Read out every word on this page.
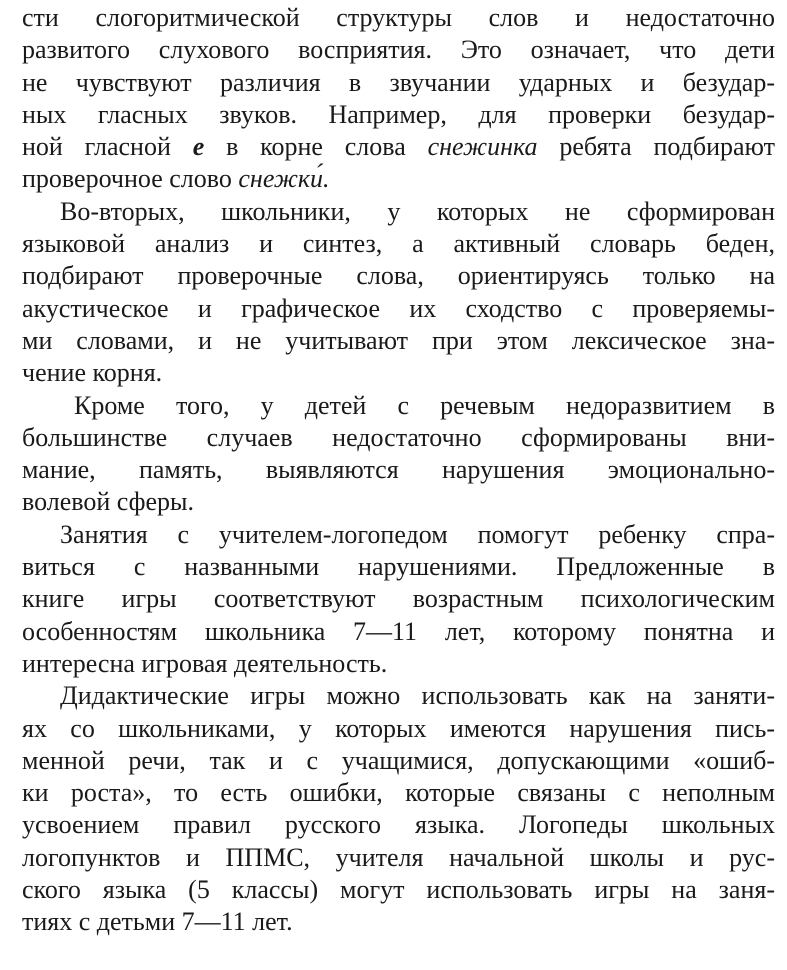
сти слогоритмической структуры слов и недостаточно
развитого слухового восприятия. Это означает, что дети
не чувствуют различия в звучании ударных и безудар-
ных гласных звуков. Например, для проверки безудар-
ной гласной е в корне слова снежинка ребята подбирают
проверочное слово снежки́.
Во-вторых, школьники, у которых не сформирован
языковой анализ и синтез, а активный словарь беден,
подбирают проверочные слова, ориентируясь только на
акустическое и графическое их сходство с проверяемы-
ми словами, и не учитывают при этом лексическое зна-
чение корня.
Кроме того, у детей с речевым недоразвитием в
большинстве случаев недостаточно сформированы вни-
мание, память, выявляются нарушения эмоционально-
волевой сферы.
Занятия с учителем-логопедом помогут ребенку спра-
виться с названными нарушениями. Предложенные в
книге игры соответствуют возрастным психологическим
особенностям школьника 7—11 лет, которому понятна и
интересна игровая деятельность.
Дидактические игры можно использовать как на заняти-
ях со школьниками, у которых имеются нарушения пись-
менной речи, так и с учащимися, допускающими «ошиб-
ки роста», то есть ошибки, которые связаны с неполным
усвоением правил русского языка. Логопеды школьных
логопунктов и ППМС, учителя начальной школы и рус-
ского языка (5 классы) могут использовать игры на заня-
тиях с детьми 7—11 лет.
